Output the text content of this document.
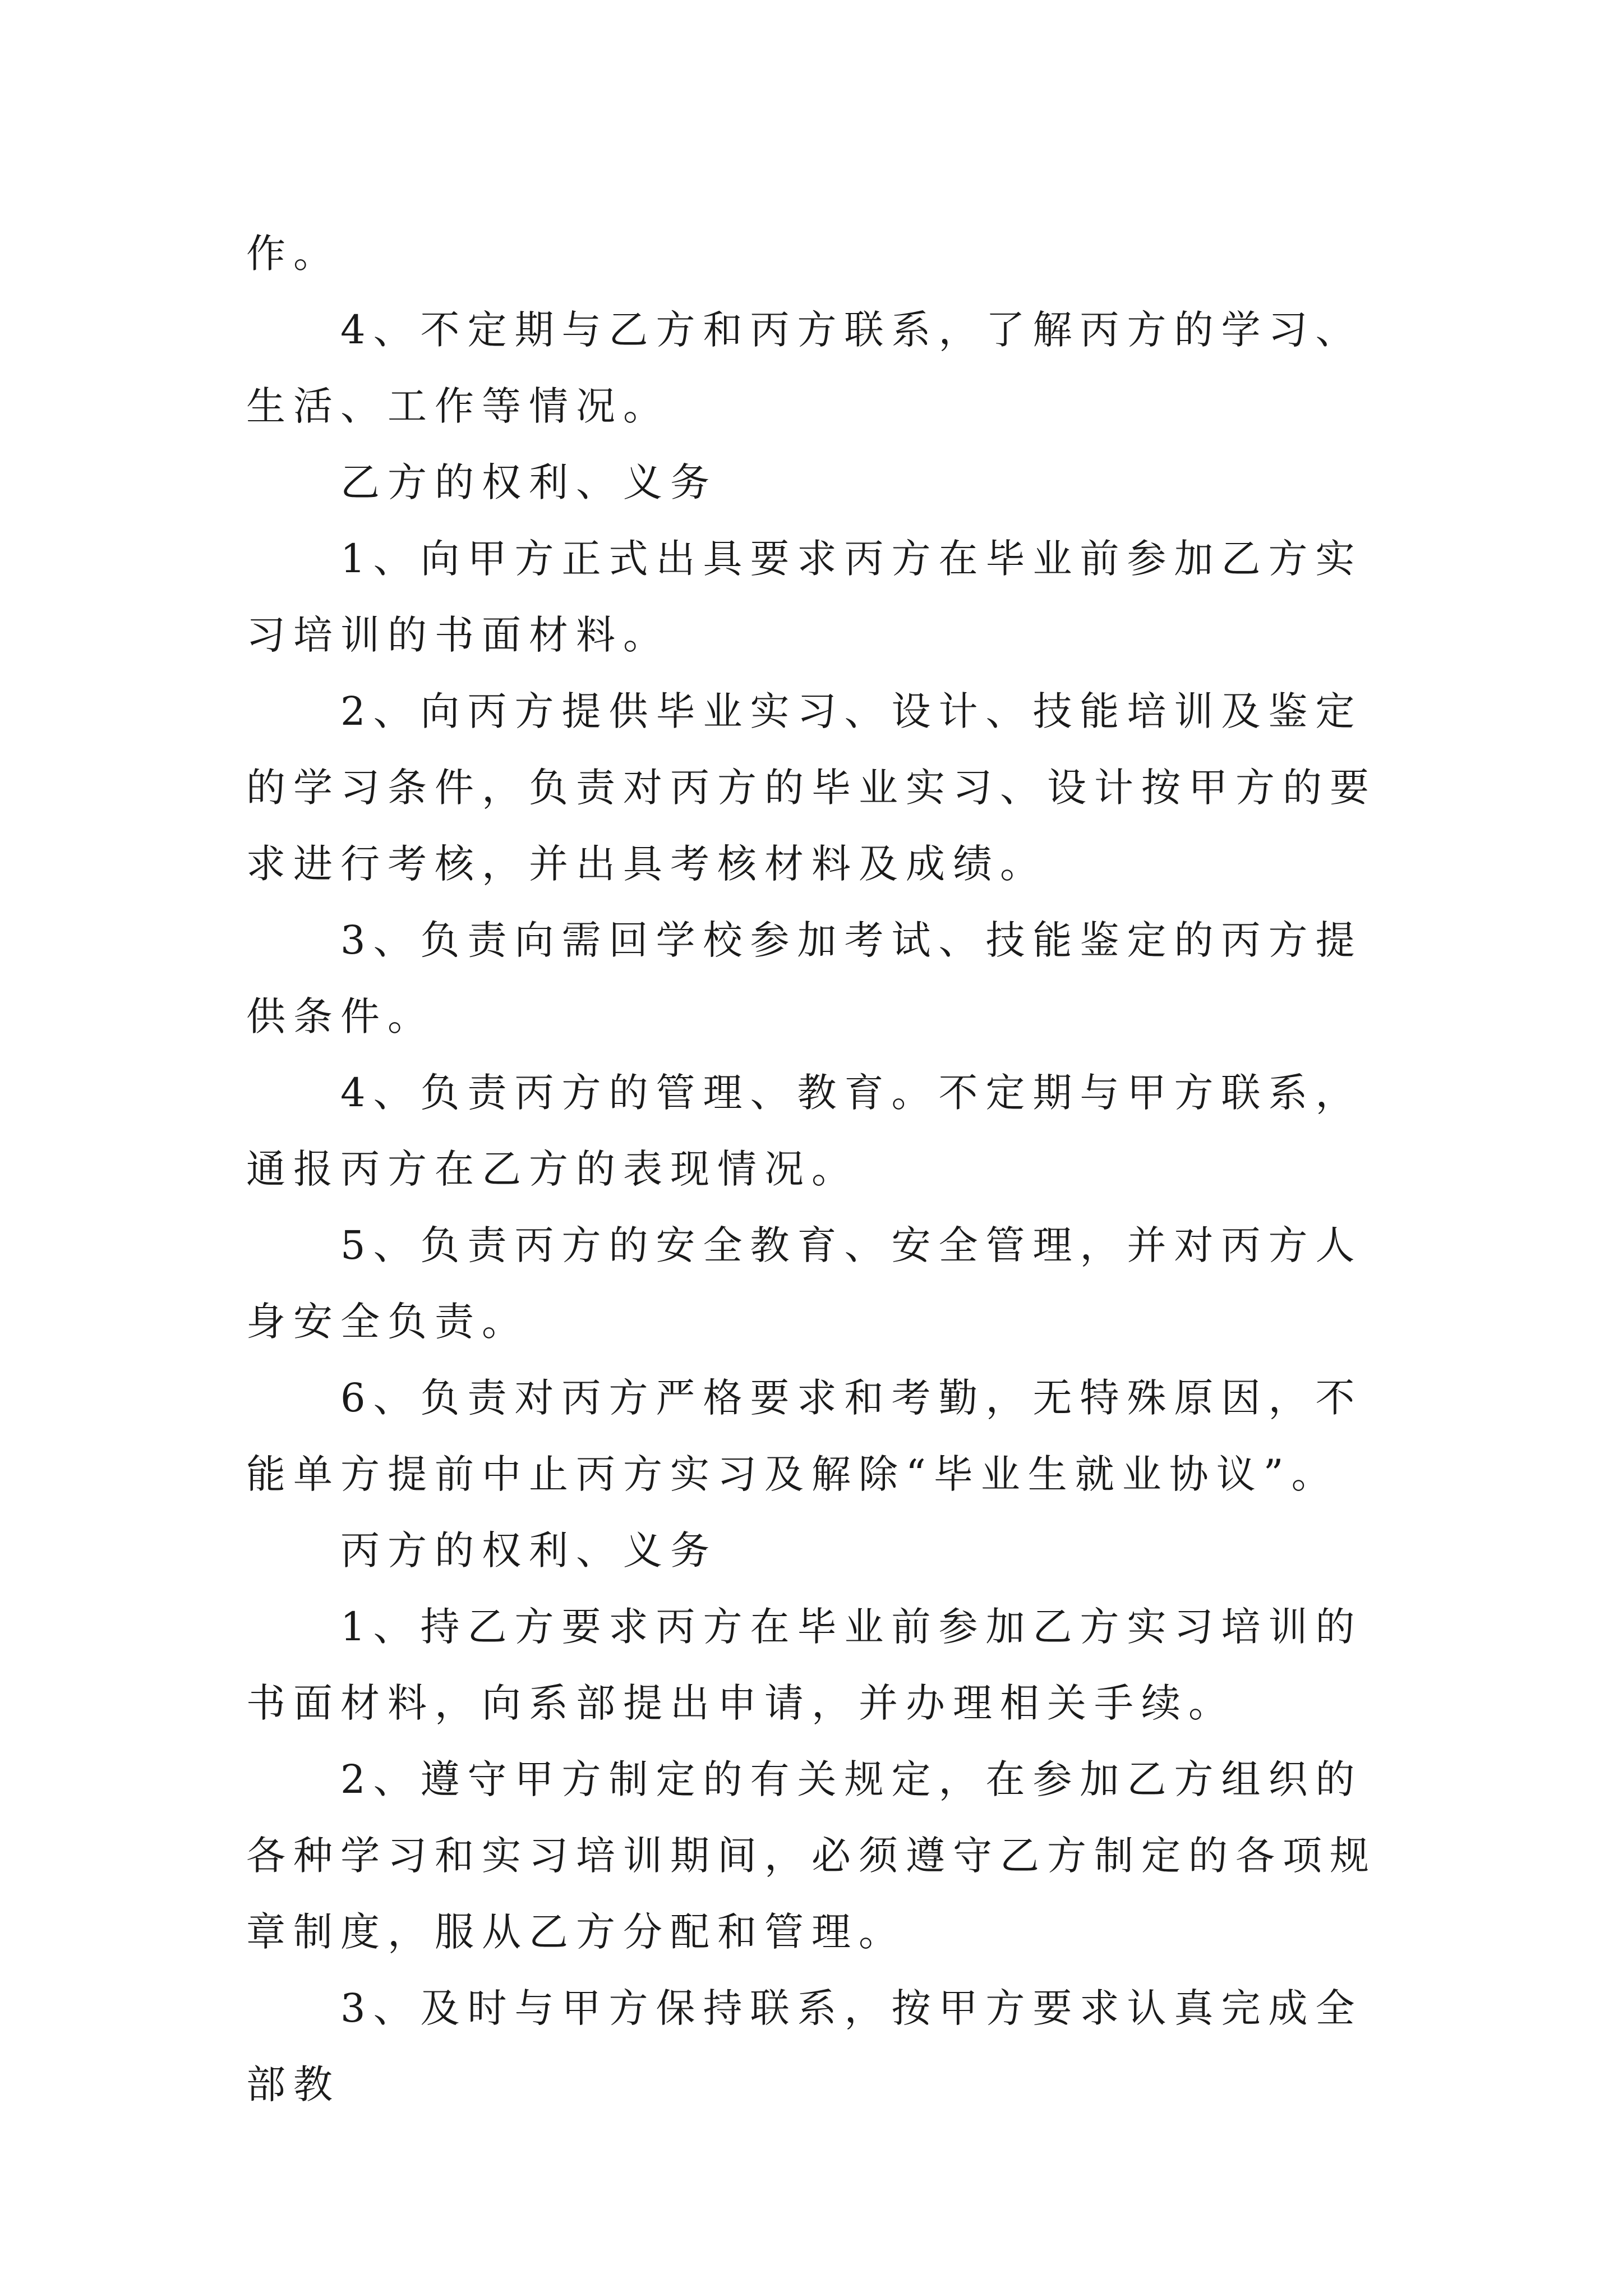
作。

4、不定期与乙方和丙方联系，了解丙方的学习、生活、工作等情况。

乙方的权利、义务

1、向甲方正式出具要求丙方在毕业前参加乙方实习培训的书面材料。

2、向丙方提供毕业实习、设计、技能培训及鉴定的学习条件，负责对丙方的毕业实习、设计按甲方的要求进行考核，并出具考核材料及成绩。

3、负责向需回学校参加考试、技能鉴定的丙方提供条件。

4、负责丙方的管理、教育。不定期与甲方联系，通报丙方在乙方的表现情况。

5、负责丙方的安全教育、安全管理，并对丙方人身安全负责。

6、负责对丙方严格要求和考勤，无特殊原因，不能单方提前中止丙方实习及解除“毕业生就业协议”。

丙方的权利、义务

1、持乙方要求丙方在毕业前参加乙方实习培训的书面材料，向系部提出申请，并办理相关手续。

2、遵守甲方制定的有关规定，在参加乙方组织的各种学习和实习培训期间，必须遵守乙方制定的各项规章制度，服从乙方分配和管理。

3、及时与甲方保持联系，按甲方要求认真完成全部教
